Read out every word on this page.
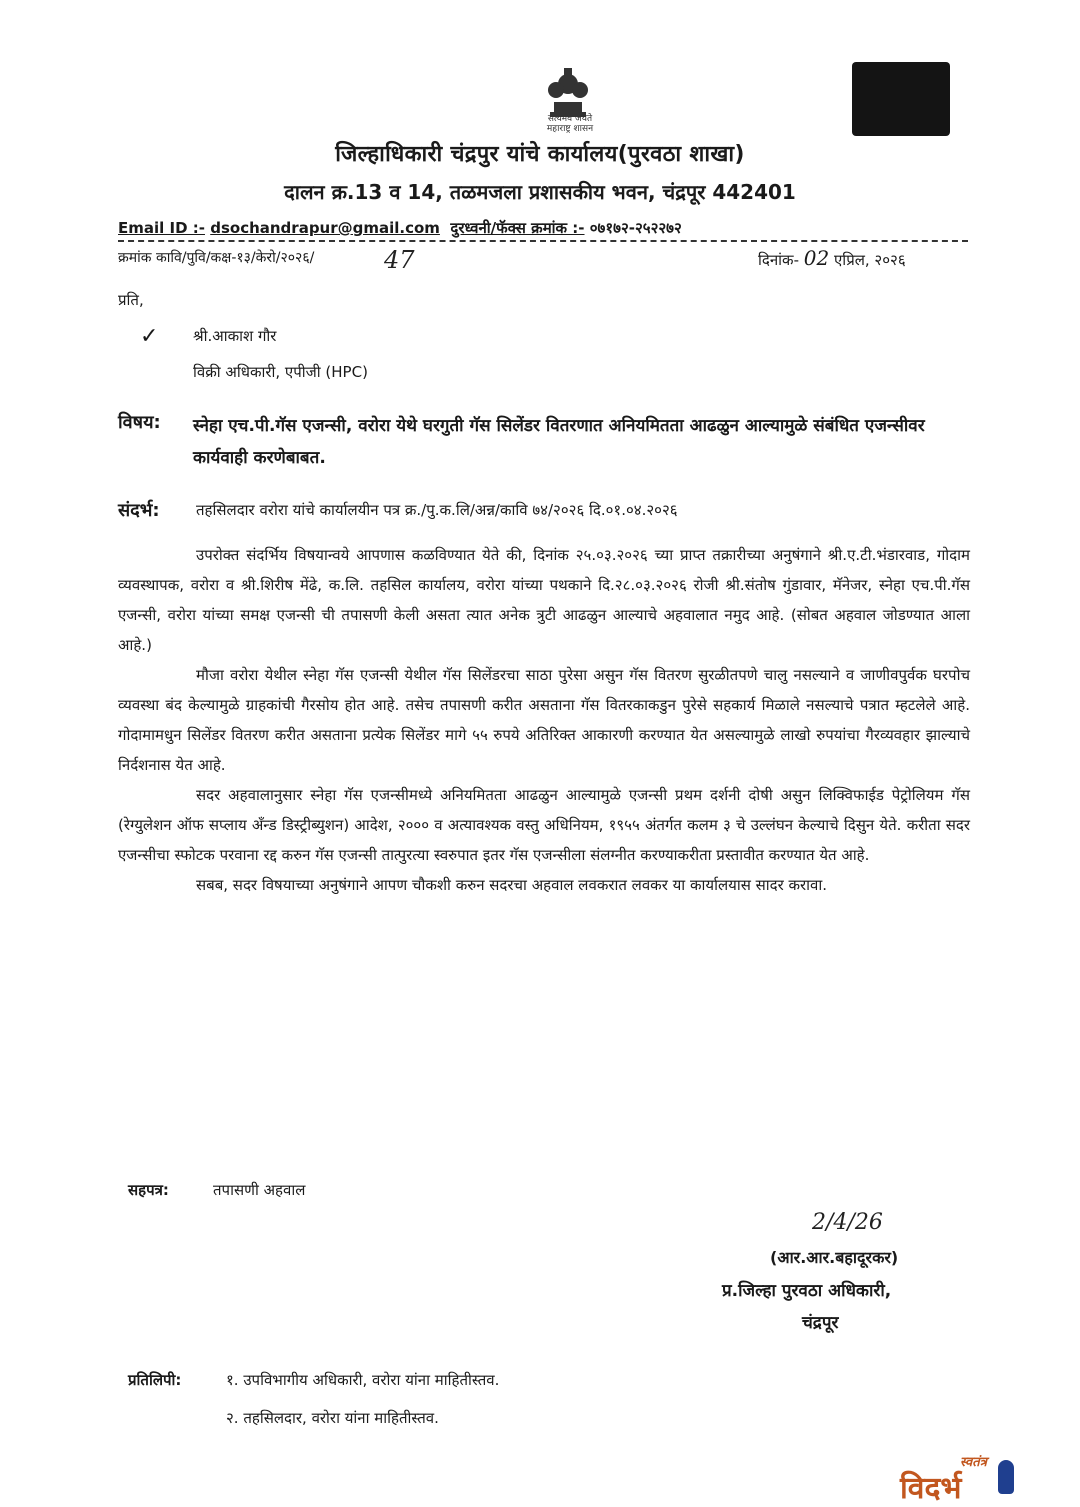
सत्यमेव जयते
महाराष्ट्र शासन
जिल्हाधिकारी चंद्रपुर यांचे कार्यालय(पुरवठा शाखा)
दालन क्र.13 व 14, तळमजला प्रशासकीय भवन, चंद्रपूर 442401
Email ID :- dsochandrapur@gmail.com दुरध्वनी/फॅक्स क्रमांक :- ०७१७२-२५२२७२
क्रमांक कावि/पुवि/कक्ष-१३/केरो/२०२६/	47	दिनांक- 02 एप्रिल, २०२६
प्रति,
✓ श्री.आकाश गौर
विक्री अधिकारी, एपीजी (HPC)
विषय: स्नेहा एच.पी.गॅस एजन्सी, वरोरा येथे घरगुती गॅस सिलेंडर वितरणात अनियमितता आढळुन आल्यामुळे संबंधित एजन्सीवर कार्यवाही करणेबाबत.
संदर्भ: तहसिलदार वरोरा यांचे कार्यालयीन पत्र क्र./पु.क.लि/अन्न/कावि ७४/२०२६ दि.०१.०४.२०२६

उपरोक्त संदर्भिय विषयान्वये आपणास कळविण्यात येते की, दिनांक २५.०३.२०२६ च्या प्राप्त तक्रारीच्या अनुषंगाने श्री.ए.टी.भंडारवाड, गोदाम व्यवस्थापक, वरोरा व श्री.शिरीष मेंढे, क.लि. तहसिल कार्यालय, वरोरा यांच्या पथकाने दि.२८.०३.२०२६ रोजी श्री.संतोष गुंडावार, मॅनेजर, स्नेहा एच.पी.गॅस एजन्सी, वरोरा यांच्या समक्ष एजन्सी ची तपासणी केली असता त्यात अनेक त्रुटी आढळुन आल्याचे अहवालात नमुद आहे. (सोबत अहवाल जोडण्यात आला आहे.)

मौजा वरोरा येथील स्नेहा गॅस एजन्सी येथील गॅस सिलेंडरचा साठा पुरेसा असुन गॅस वितरण सुरळीतपणे चालु नसल्याने व जाणीवपुर्वक घरपोच व्यवस्था बंद केल्यामुळे ग्राहकांची गैरसोय होत आहे. तसेच तपासणी करीत असताना गॅस वितरकाकडुन पुरेसे सहकार्य मिळाले नसल्याचे पत्रात म्हटलेले आहे. गोदामामधुन सिलेंडर वितरण करीत असताना प्रत्येक सिलेंडर मागे ५५ रुपये अतिरिक्त आकारणी करण्यात येत असल्यामुळे लाखो रुपयांचा गैरव्यवहार झाल्याचे निर्दशनास येत आहे.

सदर अहवालानुसार स्नेहा गॅस एजन्सीमध्ये अनियमितता आढळुन आल्यामुळे एजन्सी प्रथम दर्शनी दोषी असुन लिक्विफाईड पेट्रोलियम गॅस (रेग्युलेशन ऑफ सप्लाय अँन्ड डिस्ट्रीब्युशन) आदेश, २००० व अत्यावश्यक वस्तु अधिनियम, १९५५ अंतर्गत कलम ३ चे उल्लंघन केल्याचे दिसुन येते. करीता सदर एजन्सीचा स्फोटक परवाना रद्द करुन गॅस एजन्सी तात्पुरत्या स्वरुपात इतर गॅस एजन्सीला संलग्नीत करण्याकरीता प्रस्तावीत करण्यात येत आहे.

सबब, सदर विषयाच्या अनुषंगाने आपण चौकशी करुन सदरचा अहवाल लवकरात लवकर या कार्यालयास सादर करावा.

सहपत्र:	तपासणी अहवाल
2/4/26
(आर.आर.बहादूरकर)
प्र.जिल्हा पुरवठा अधिकारी,
चंद्रपूर
प्रतिलिपी:	१. उपविभागीय अधिकारी, वरोरा यांना माहितीस्तव.
२. तहसिलदार, वरोरा यांना माहितीस्तव.
स्वतंत्र
विदर्भ
